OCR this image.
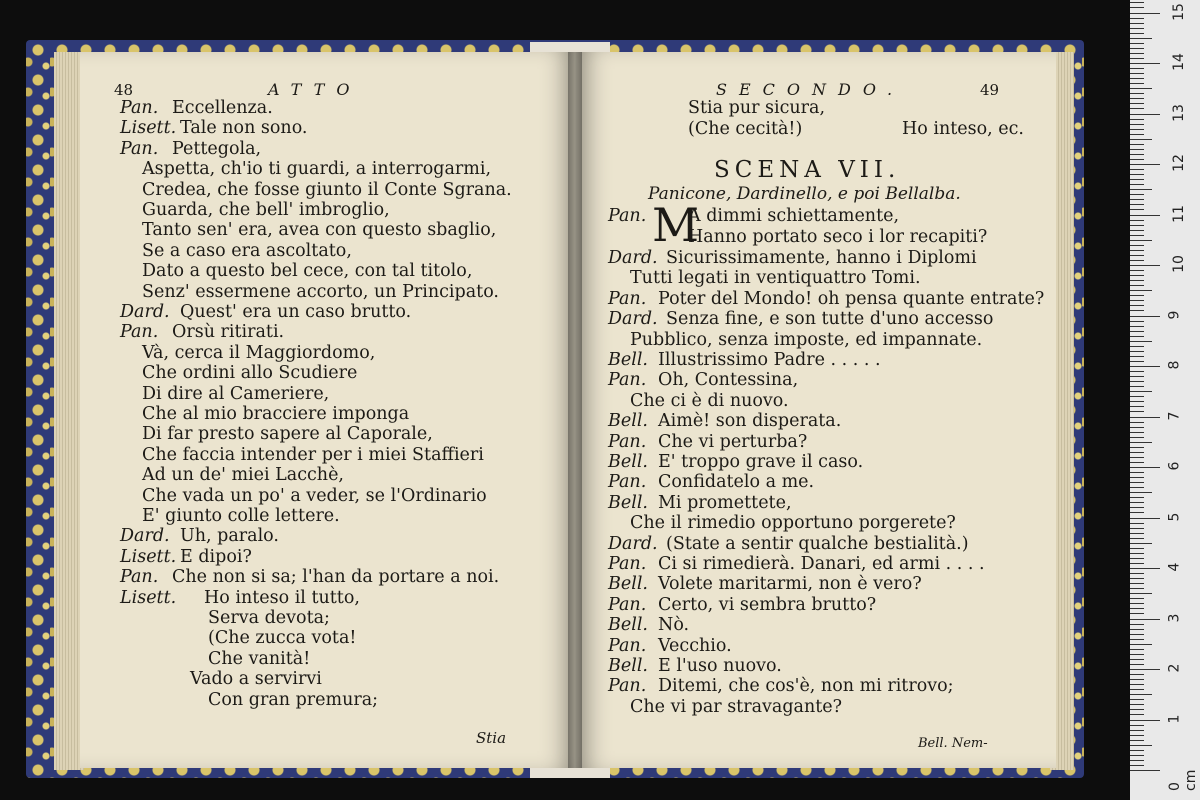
48	ATTO
Pan. Eccellenza.
Lisett. Tale non sono.
Pan. Pettegola,
Aspetta, ch'io ti guardi, a interrogarmi,
Credea, che fosse giunto il Conte Sgrana.
Guarda, che bell' imbroglio,
Tanto sen' era, avea con questo sbaglio,
Se a caso era ascoltato,
Dato a questo bel cece, con tal titolo,
Senz' essermene accorto, un Principato.
Dard. Quest' era un caso brutto.
Pan. Orsù ritirati.
Và, cerca il Maggiordomo,
Che ordini allo Scudiere
Di dire al Cameriere,
Che al mio bracciere imponga
Di far presto sapere al Caporale,
Che faccia intender per i miei Staffieri
Ad un de' miei Lacchè,
Che vada un po' a veder, se l'Ordinario
E' giunto colle lettere.
Dard. Uh, paralo.
Lisett. E dipoi?
Pan. Che non si sa; l'han da portare a noi.
Lisett. Ho inteso il tutto,
Serva devota;
(Che zucca vota!
Che vanità!
Vado a servirvi
Con gran premura;
Stia
SECONDO.	49
Stia pur sicura,
(Che cecità!)	Ho inteso, ec.
SCENA VII.
Panicone, Dardinello, e poi Bellalba.
Pan. M
A dimmi schiettamente,
Hanno portato seco i lor recapiti?
Dard. Sicurissimamente, hanno i Diplomi
Tutti legati in ventiquattro Tomi.
Pan. Poter del Mondo! oh pensa quante entrate?
Dard. Senza fine, e son tutte d'uno accesso
Pubblico, senza imposte, ed impannate.
Bell. Illustrissimo Padre . . . . .
Pan. Oh, Contessina,
Che ci è di nuovo.
Bell. Aimè! son disperata.
Pan. Che vi perturba?
Bell. E' troppo grave il caso.
Pan. Confidatelo a me.
Bell. Mi promettete,
Che il rimedio opportuno porgerete?
Dard. (State a sentir qualche bestialità.)
Pan. Ci si rimedierà. Danari, ed armi . . . .
Bell. Volete maritarmi, non è vero?
Pan. Certo, vi sembra brutto?
Bell. Nò.
Pan. Vecchio.
Bell. E l'uso nuovo.
Pan. Ditemi, che cos'è, non mi ritrovo;
Che vi par stravagante?
Bell. Nem-
1
2
3
4
5
6
7
8
9
10
11
12
13
14
15
0 cm
